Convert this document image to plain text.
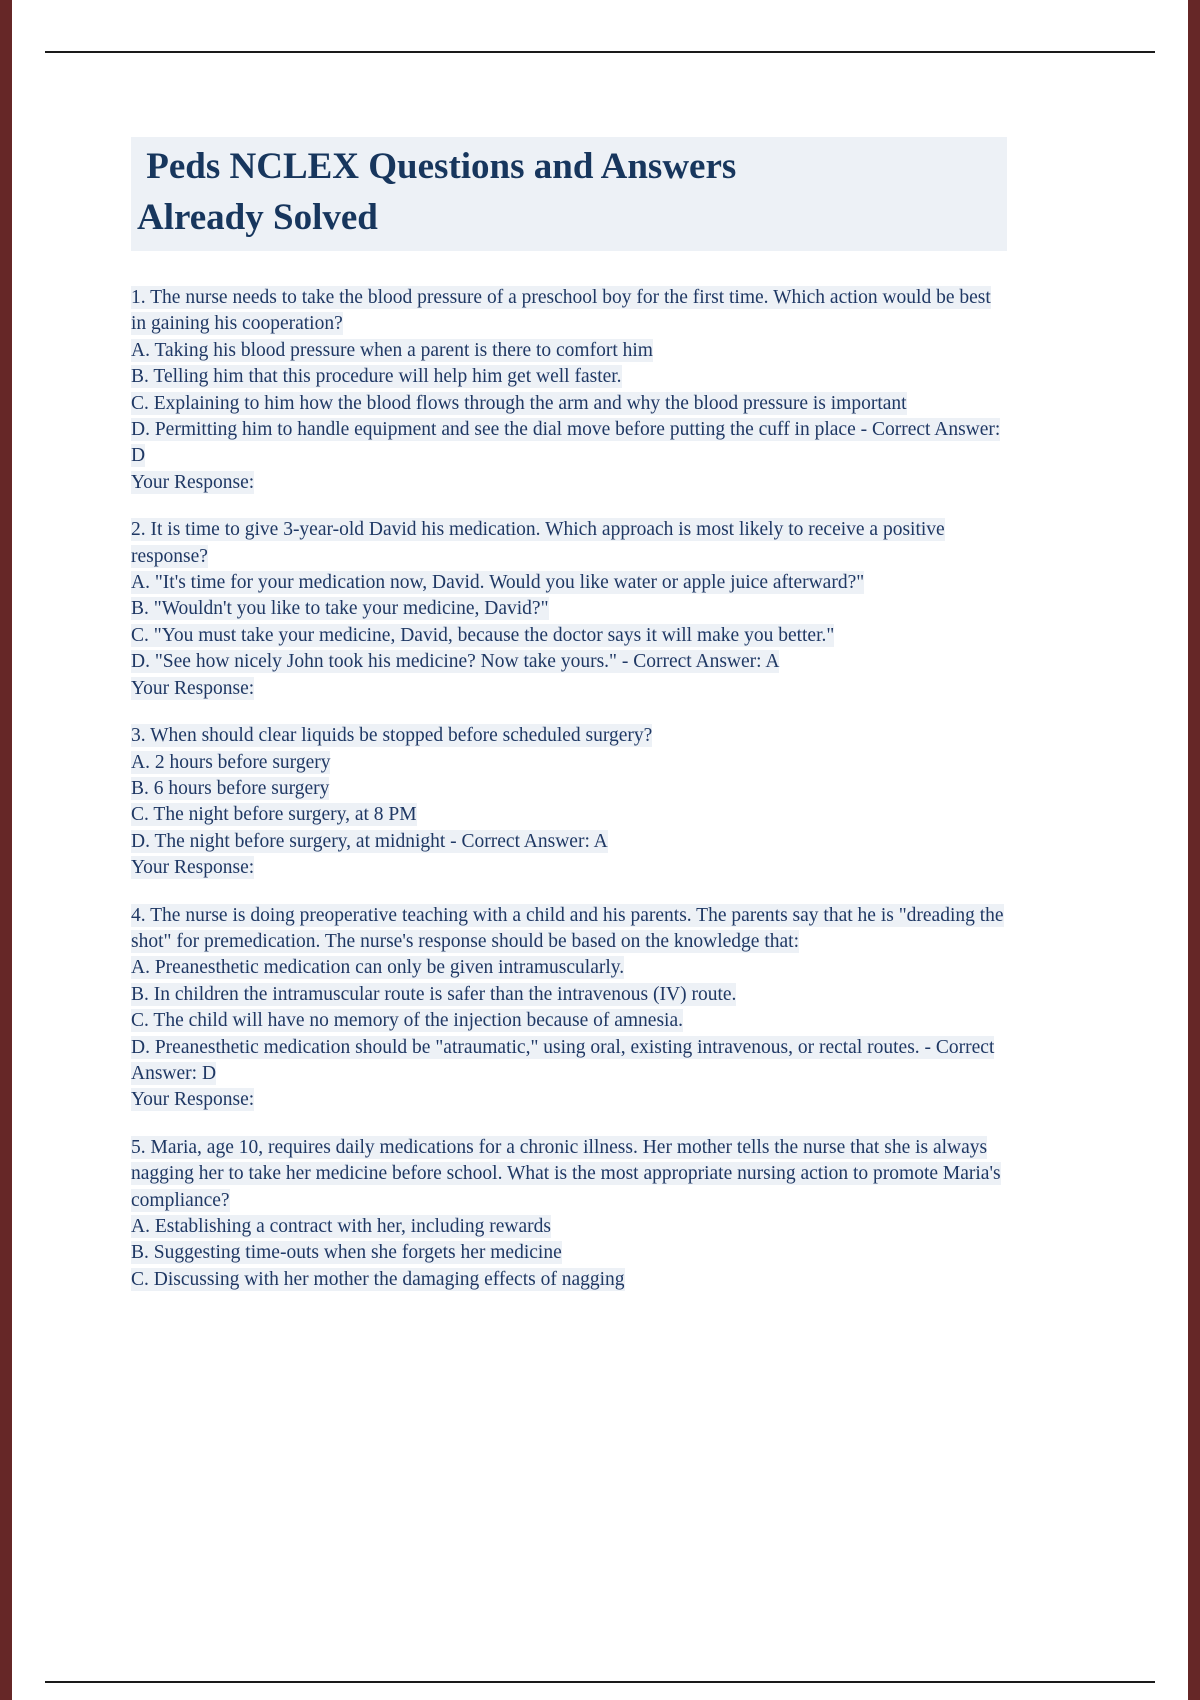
Peds NCLEX Questions and Answers
Already Solved

1. The nurse needs to take the blood pressure of a preschool boy for the first time. Which action would be best in gaining his cooperation?

A. Taking his blood pressure when a parent is there to comfort him

B. Telling him that this procedure will help him get well faster.

C. Explaining to him how the blood flows through the arm and why the blood pressure is important

D. Permitting him to handle equipment and see the dial move before putting the cuff in place - Correct Answer: D

Your Response:

2. It is time to give 3-year-old David his medication. Which approach is most likely to receive a positive response?

A. "It's time for your medication now, David. Would you like water or apple juice afterward?"

B. "Wouldn't you like to take your medicine, David?"

C. "You must take your medicine, David, because the doctor says it will make you better."

D. "See how nicely John took his medicine? Now take yours." - Correct Answer: A

Your Response:

3. When should clear liquids be stopped before scheduled surgery?

A. 2 hours before surgery

B. 6 hours before surgery

C. The night before surgery, at 8 PM

D. The night before surgery, at midnight - Correct Answer: A

Your Response:

4. The nurse is doing preoperative teaching with a child and his parents. The parents say that he is "dreading the shot" for premedication. The nurse's response should be based on the knowledge that:

A. Preanesthetic medication can only be given intramuscularly.

B. In children the intramuscular route is safer than the intravenous (IV) route.

C. The child will have no memory of the injection because of amnesia.

D. Preanesthetic medication should be "atraumatic," using oral, existing intravenous, or rectal routes. - Correct Answer: D

Your Response:

5. Maria, age 10, requires daily medications for a chronic illness. Her mother tells the nurse that she is always nagging her to take her medicine before school. What is the most appropriate nursing action to promote Maria's compliance?

A. Establishing a contract with her, including rewards

B. Suggesting time-outs when she forgets her medicine

C. Discussing with her mother the damaging effects of nagging
